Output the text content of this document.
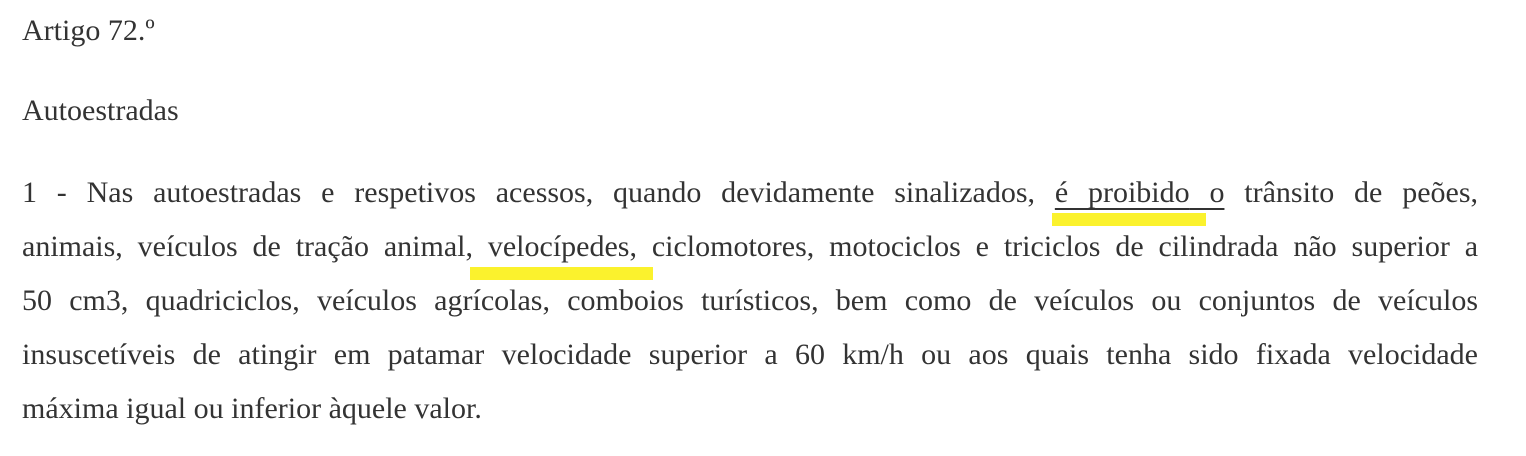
Artigo 72.º
Autoestradas
1 - Nas autoestradas e respetivos acessos, quando devidamente sinalizados, é proibido o trânsito de peões,
animais, veículos de tração animal, velocípedes, ciclomotores, motociclos e triciclos de cilindrada não superior a
50 cm3, quadriciclos, veículos agrícolas, comboios turísticos, bem como de veículos ou conjuntos de veículos
insuscetíveis de atingir em patamar velocidade superior a 60 km/h ou aos quais tenha sido fixada velocidade
máxima igual ou inferior àquele valor.
